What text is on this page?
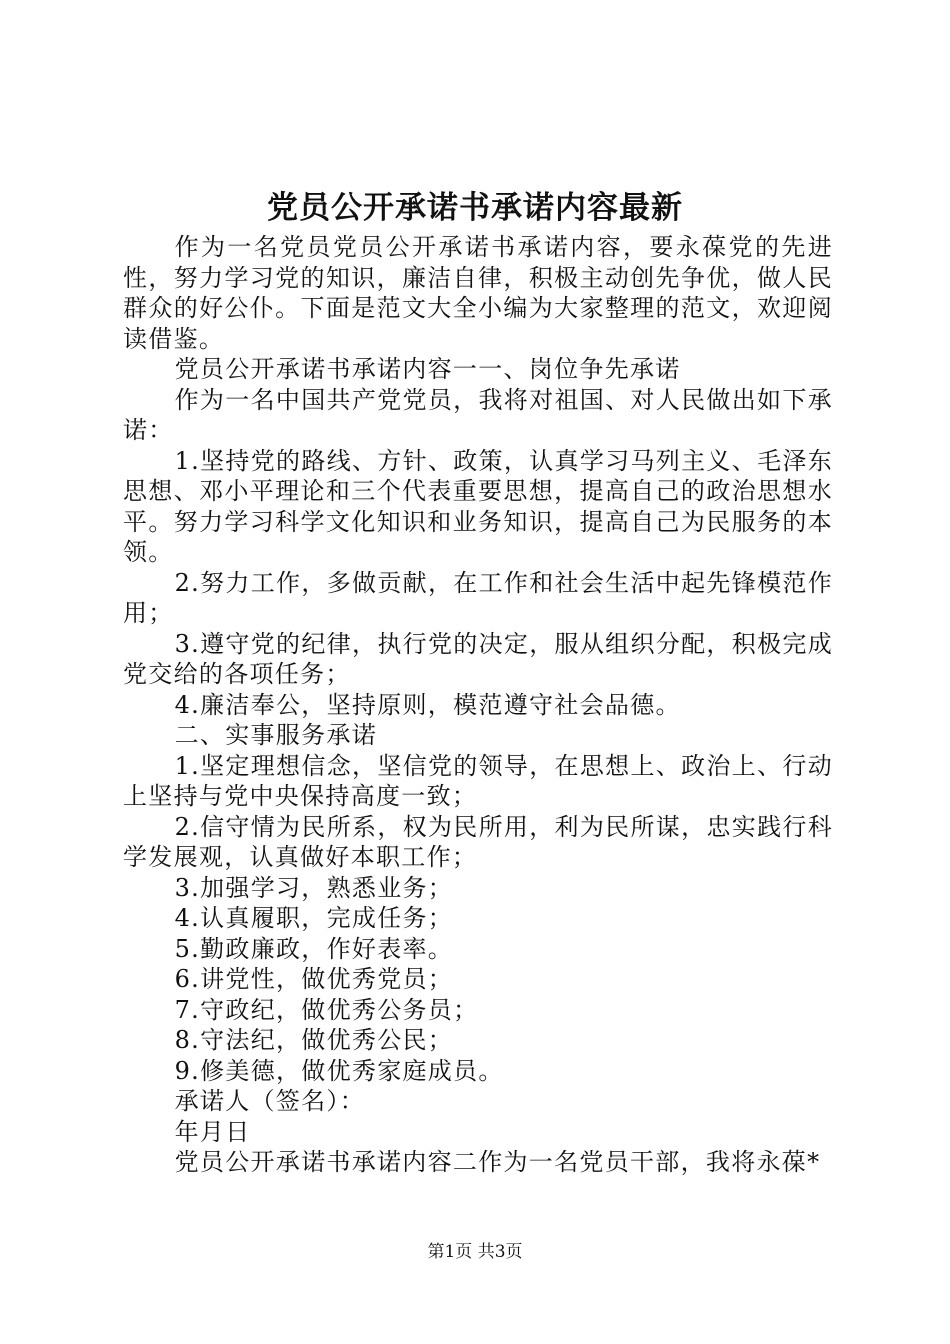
党员公开承诺书承诺内容最新

作为一名党员党员公开承诺书承诺内容，要永葆党的先进性，努力学习党的知识，廉洁自律，积极主动创先争优，做人民群众的好公仆。下面是范文大全小编为大家整理的范文，欢迎阅读借鉴。

党员公开承诺书承诺内容一一、岗位争先承诺

作为一名中国共产党党员，我将对祖国、对人民做出如下承诺：

1.坚持党的路线、方针、政策，认真学习马列主义、毛泽东思想、邓小平理论和三个代表重要思想，提高自己的政治思想水平。努力学习科学文化知识和业务知识，提高自己为民服务的本领。

2.努力工作，多做贡献，在工作和社会生活中起先锋模范作用；

3.遵守党的纪律，执行党的决定，服从组织分配，积极完成党交给的各项任务；

4.廉洁奉公，坚持原则，模范遵守社会品德。

二、实事服务承诺

1.坚定理想信念，坚信党的领导，在思想上、政治上、行动上坚持与党中央保持高度一致；

2.信守情为民所系，权为民所用，利为民所谋，忠实践行科学发展观，认真做好本职工作；

3.加强学习，熟悉业务；

4.认真履职，完成任务；

5.勤政廉政，作好表率。

6.讲党性，做优秀党员；

7.守政纪，做优秀公务员；

8.守法纪，做优秀公民；

9.修美德，做优秀家庭成员。

承诺人（签名）：

年月日

党员公开承诺书承诺内容二作为一名党员干部，我将永葆*

第1页 共3页
